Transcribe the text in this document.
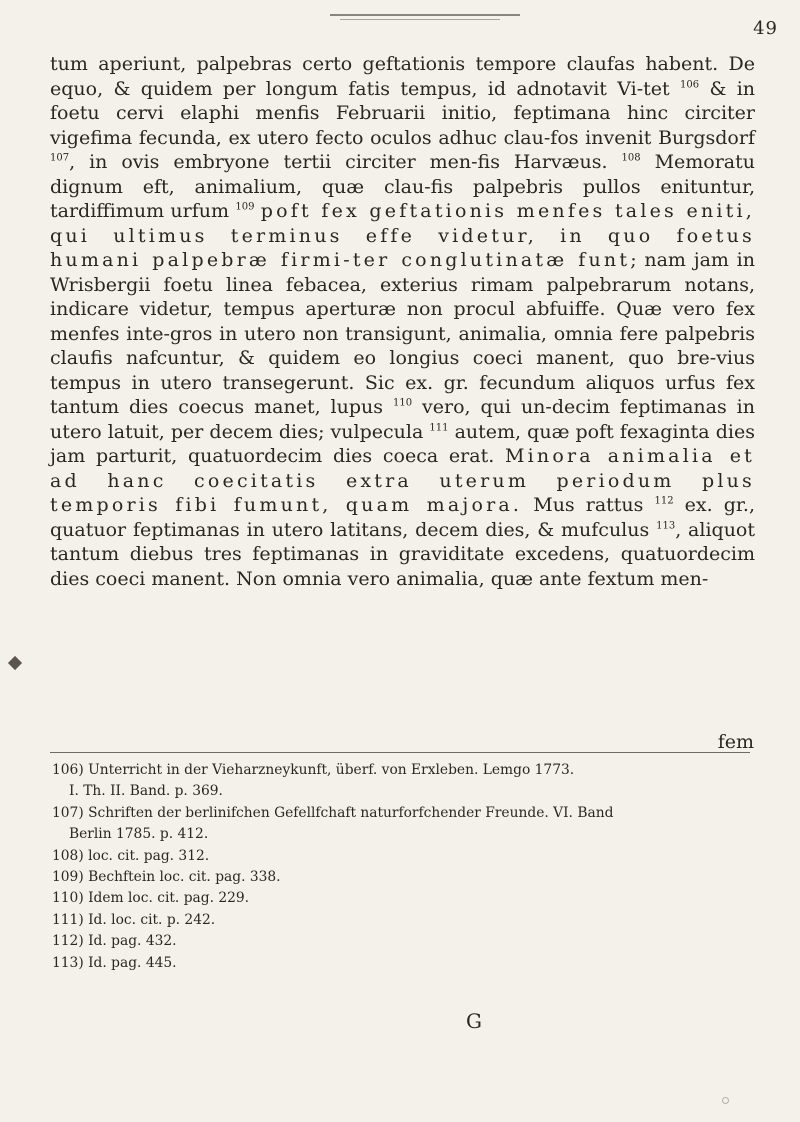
49

tum aperiunt, palpebras certo geftationis tempore claufas habent. De equo, & quidem per longum fatis tempus, id adnotavit Vi-tet $^{106}$ & in foetu cervi elaphi menfis Februarii initio, feptimana hinc circiter vigefima fecunda, ex utero fecto oculos adhuc clau-fos invenit Burgsdorf $^{107}$, in ovis embryone tertii circiter men-fis Harvæus. $^{108}$ Memoratu dignum eft, animalium, quæ clau-fis palpebris pullos enituntur, tardiffimum urfum $^{109}$ poft fex geftationis menfes tales eniti, qui ultimus terminus effe videtur, in quo foetus humani palpebræ firmi-ter conglutinatæ funt; nam jam in Wrisbergii foetu linea febacea, exterius rimam palpebrarum notans, indicare videtur, tempus aperturæ non procul abfuiffe. Quæ vero fex menfes inte-gros in utero non transigunt, animalia, omnia fere palpebris claufis nafcuntur, & quidem eo longius coeci manent, quo bre-vius tempus in utero transegerunt. Sic ex. gr. fecundum aliquos urfus fex tantum dies coecus manet, lupus $^{110}$ vero, qui un-decim feptimanas in utero latuit, per decem dies; vulpecula $^{111}$ autem, quæ poft fexaginta dies jam parturit, quatuordecim dies coeca erat. Minora animalia et ad hanc coecitatis extra uterum periodum plus temporis fibi fumunt, quam majora. Mus rattus $^{112}$ ex. gr., quatuor feptimanas in utero latitans, decem dies, & mufculus $^{113}$, aliquot tantum diebus tres feptimanas in graviditate excedens, quatuordecim dies coeci manent. Non omnia vero animalia, quæ ante fextum men-

fem
106) Unterricht in der Vieharzneykunft, überf. von Erxleben. Lemgo 1773.
I. Th. II. Band. p. 369.
107) Schriften der berlinifchen Gefellfchaft naturforfchender Freunde. VI. Band
Berlin 1785. p. 412.
108) loc. cit. pag. 312.
109) Bechftein loc. cit. pag. 338.
110) Idem loc. cit. pag. 229.
111) Id. loc. cit. p. 242.
112) Id. pag. 432.
113) Id. pag. 445.
G
